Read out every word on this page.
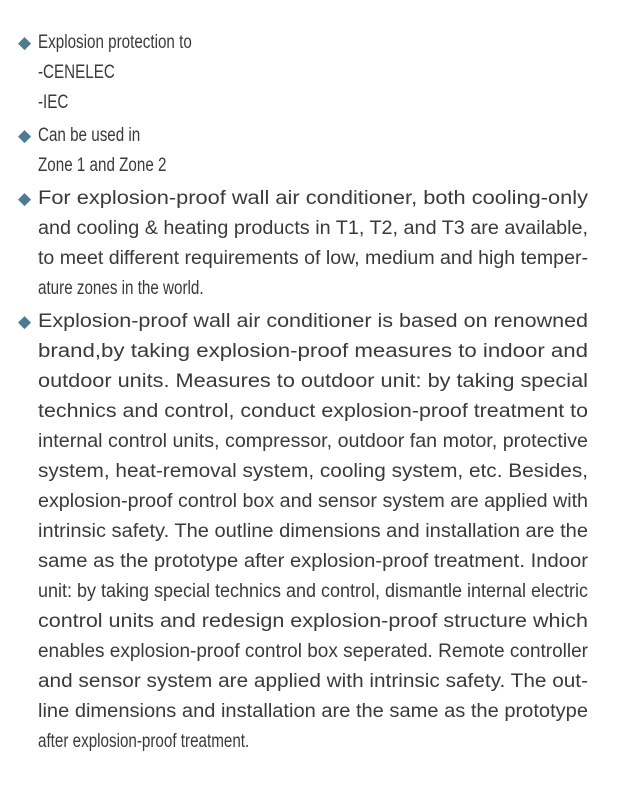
◆ Explosion protection to
-CENELEC
-IEC
◆ Can be used in
Zone 1 and Zone 2
◆ For explosion-proof wall air conditioner, both cooling-only
and cooling & heating products in T1, T2, and T3 are available,
to meet different requirements of low, medium and high temper-
ature zones in the world.
◆ Explosion-proof wall air conditioner is based on renowned
brand,by taking explosion-proof measures to indoor and
outdoor units. Measures to outdoor unit: by taking special
technics and control, conduct explosion-proof treatment to
internal control units, compressor, outdoor fan motor, protective
system, heat-removal system, cooling system, etc. Besides,
explosion-proof control box and sensor system are applied with
intrinsic safety. The outline dimensions and installation are the
same as the prototype after explosion-proof treatment. Indoor
unit: by taking special technics and control, dismantle internal electric
control units and redesign explosion-proof structure which
enables explosion-proof control box seperated. Remote controller
and sensor system are applied with intrinsic safety. The out-
line dimensions and installation are the same as the prototype
after explosion-proof treatment.
